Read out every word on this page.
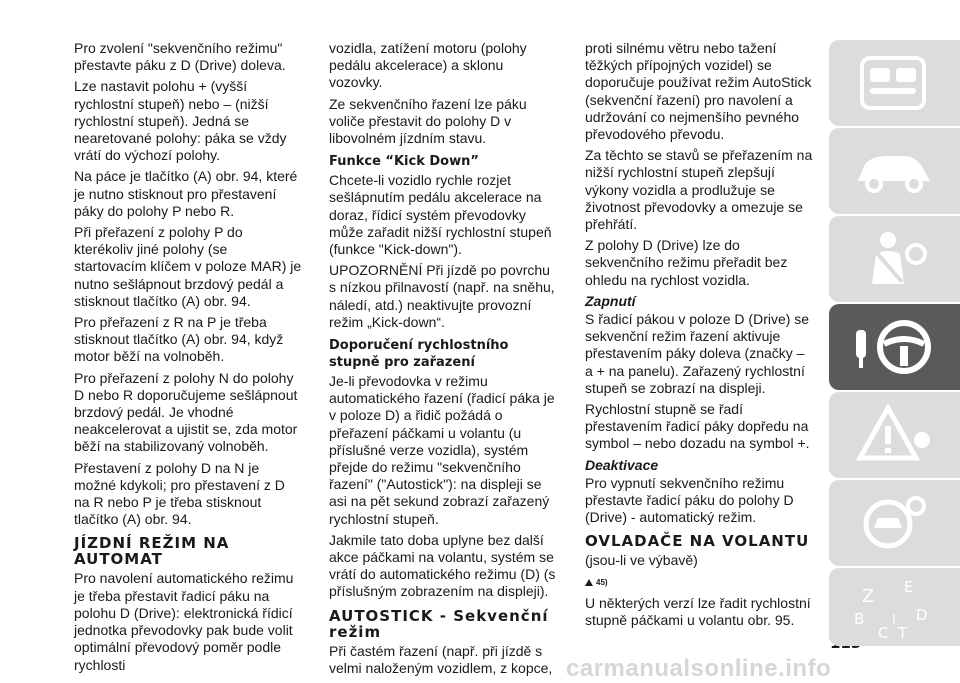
Pro zvolení "sekvenčního režimu" přestavte páku z D (Drive) doleva.

Lze nastavit polohu + (vyšší rychlostní stupeň) nebo – (nižší rychlostní stupeň). Jedná se nearetované polohy: páka se vždy vrátí do výchozí polohy.

Na páce je tlačítko (A) obr. 94, které je nutno stisknout pro přestavení páky do polohy P nebo R.

Při přeřazení z polohy P do kterékoliv jiné polohy (se startovacím klíčem v poloze MAR) je nutno sešlápnout brzdový pedál a stisknout tlačítko (A) obr. 94.

Pro přeřazení z R na P je třeba stisknout tlačítko (A) obr. 94, když motor běží na volnoběh.

Pro přeřazení z polohy N do polohy D nebo R doporučujeme sešlápnout brzdový pedál. Je vhodné neakcelerovat a ujistit se, zda motor běží na stabilizovaný volnoběh.

Přestavení z polohy D na N je možné kdykoli; pro přestavení z D na R nebo P je třeba stisknout tlačítko (A) obr. 94.

JÍZDNÍ REŽIM NA AUTOMAT

Pro navolení automatického režimu je třeba přestavit řadicí páku na polohu D (Drive): elektronická řídicí jednotka převodovky pak bude volit optimální převodový poměr podle rychlosti

vozidla, zatížení motoru (polohy pedálu akcelerace) a sklonu vozovky.

Ze sekvenčního řazení lze páku voliče přestavit do polohy D v libovolném jízdním stavu.

Funkce “Kick Down”

Chcete-li vozidlo rychle rozjet sešlápnutím pedálu akcelerace na doraz, řídicí systém převodovky může zařadit nižší rychlostní stupeň (funkce "Kick-down").

UPOZORNĚNÍ Při jízdě po povrchu s nízkou přilnavostí (např. na sněhu, náledí, atd.) neaktivujte provozní režim „Kick-down“.

Doporučení rychlostního stupně pro zařazení

Je-li převodovka v režimu automatického řazení (řadicí páka je v poloze D) a řidič požádá o přeřazení páčkami u volantu (u příslušné verze vozidla), systém přejde do režimu "sekvenčního řazení" ("Autostick"): na displeji se asi na pět sekund zobrazí zařazený rychlostní stupeň.

Jakmile tato doba uplyne bez další akce páčkami na volantu, systém se vrátí do automatického režimu (D) (s příslušným zobrazením na displeji).

AUTOSTICK - Sekvenční režim

Při častém řazení (např. při jízdě s velmi naloženým vozidlem, z kopce,

proti silnému větru nebo tažení těžkých přípojných vozidel) se doporučuje používat režim AutoStick (sekvenční řazení) pro navolení a udržování co nejmenšího pevného převodového převodu.

Za těchto se stavů se přeřazením na nižší rychlostní stupeň zlepšují výkony vozidla a prodlužuje se životnost převodovky a omezuje se přehřátí.

Z polohy D (Drive) lze do sekvenčního režimu přeřadit bez ohledu na rychlost vozidla.

Zapnutí

S řadicí pákou v poloze D (Drive) se sekvenční režim řazení aktivuje přestavením páky doleva (značky – a + na panelu). Zařazený rychlostní stupeň se zobrazí na displeji.

Rychlostní stupně se řadí přestavením řadicí páky dopředu na symbol – nebo dozadu na symbol +.

Deaktivace

Pro vypnutí sekvenčního režimu přestavte řadicí páku do polohy D (Drive) - automatický režim.

OVLADAČE NA VOLANTU

(jsou-li ve výbavě)

45)

U některých verzí lze řadit rychlostní stupně páčkami u volantu obr. 95.

carmanualsonline.info
Z E
B
C
I
T
D
